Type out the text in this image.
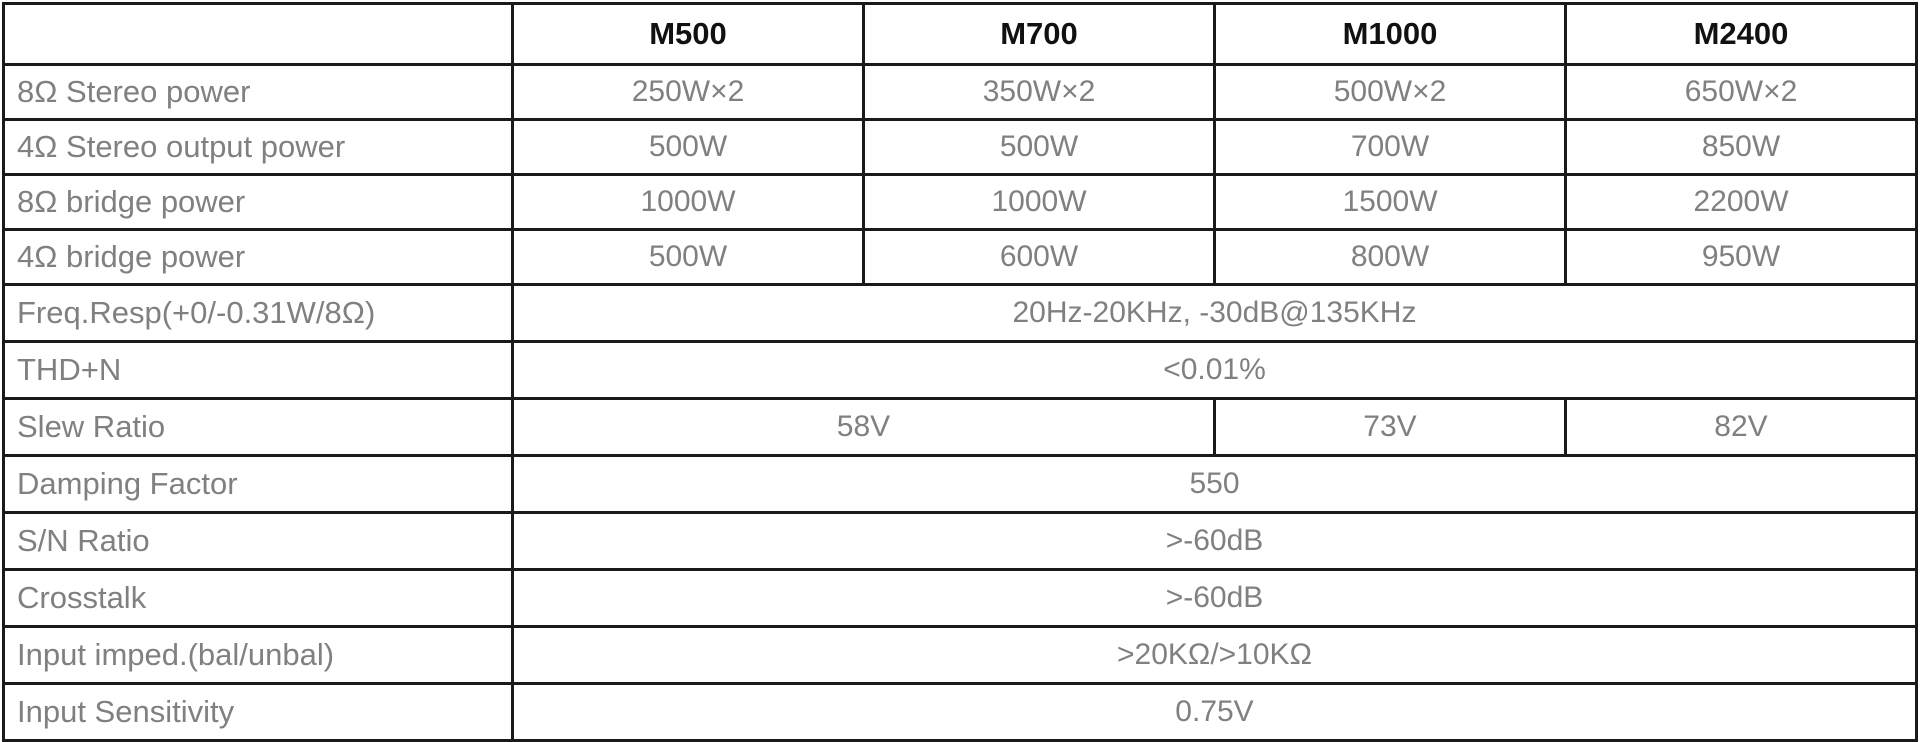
	M500	M700	M1000	M2400
8Ω Stereo power	250W×2	350W×2	500W×2	650W×2
4Ω Stereo output power	500W	500W	700W	850W
8Ω bridge power	1000W	1000W	1500W	2200W
4Ω bridge power	500W	600W	800W	950W
Freq.Resp(+0/-0.31W/8Ω)	20Hz-20KHz, -30dB@135KHz			
THD+N	<0.01%			
Slew Ratio	58V		73V	82V
Damping Factor	550			
S/N Ratio	>-60dB			
Crosstalk	>-60dB			
Input imped.(bal/unbal)	>20KΩ/>10KΩ			
Input Sensitivity	0.75V			
